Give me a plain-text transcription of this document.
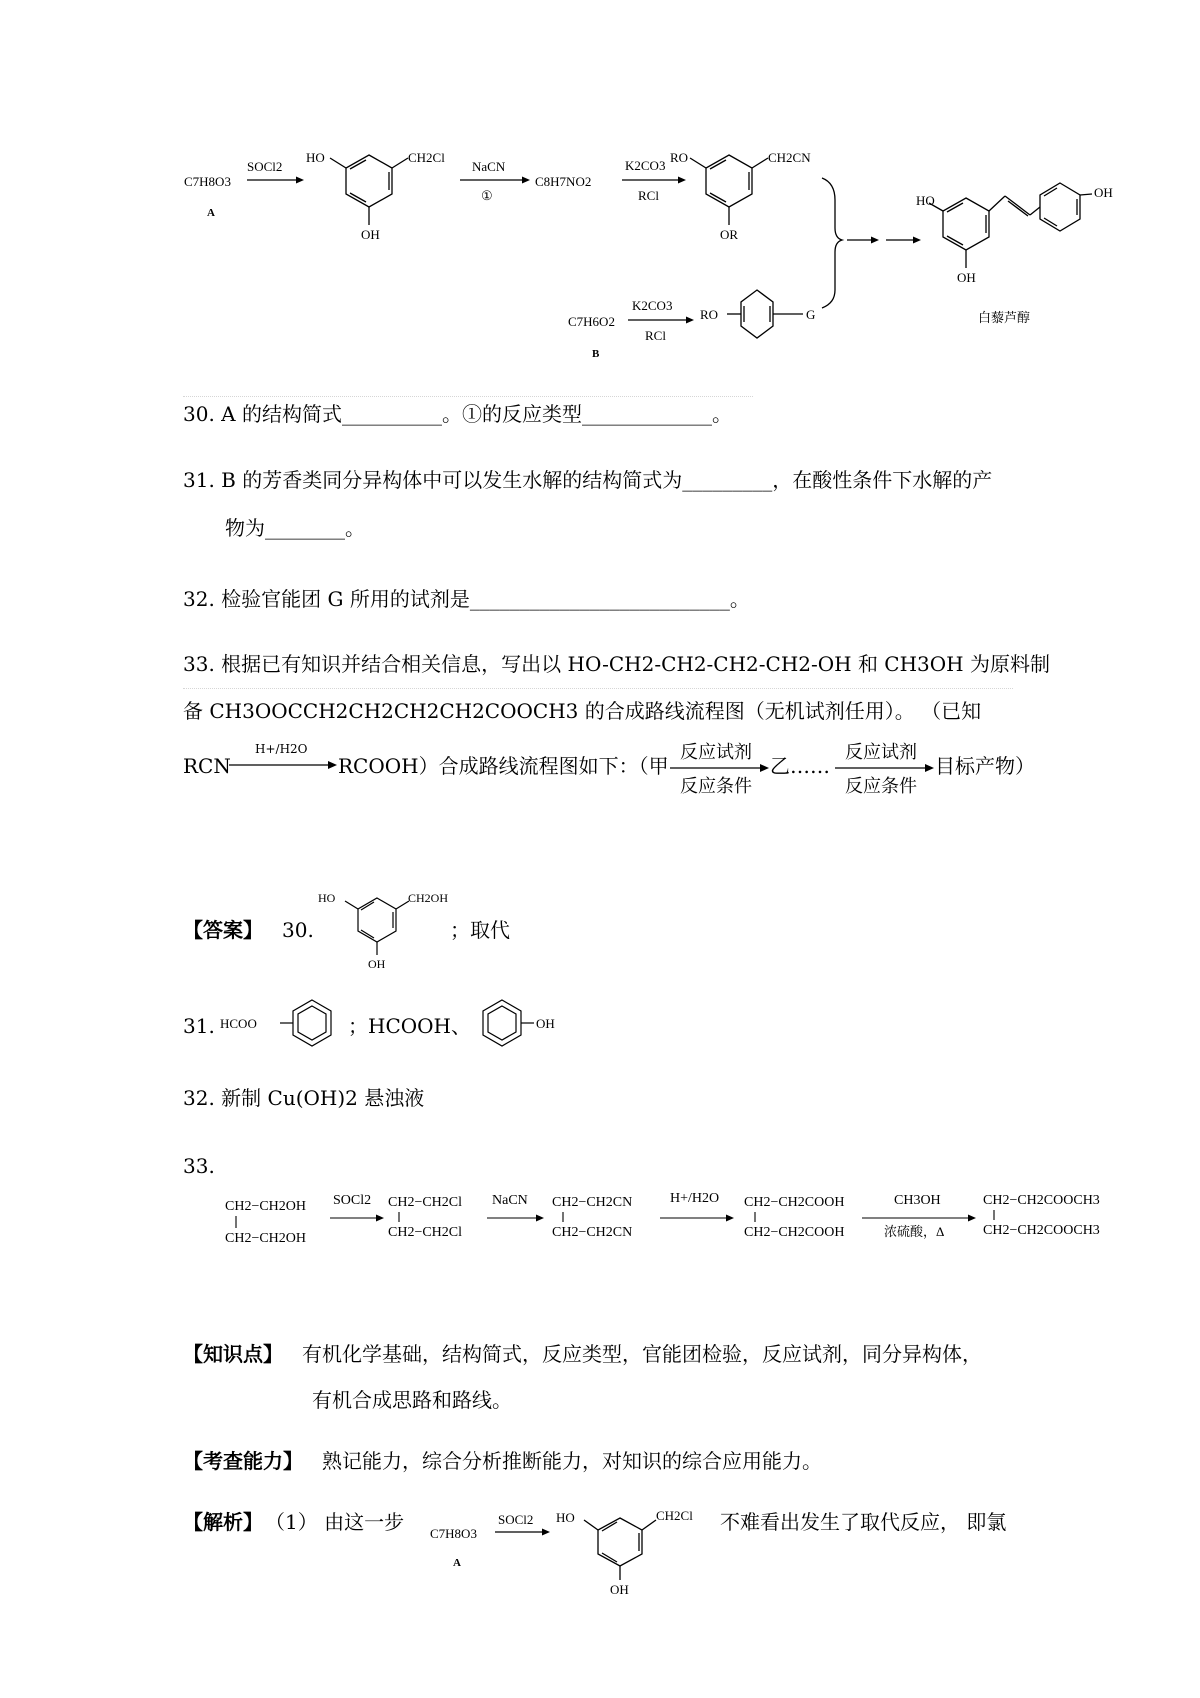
C7H8O3
A
SOCl2
HO	CH2Cl
OH
NaCN
①
C8H7NO2
K2CO3
RCl
RO	CH2CN
OR
C7H6O2
B
K2CO3
RCl
RO	G
HO
OH
OH
白藜芦醇
30. A 的结构简式__________。①的反应类型_____________。
31. B 的芳香类同分异构体中可以发生水解的结构简式为_________，在酸性条件下水解的产
物为________。
32. 检验官能团 G 所用的试剂是__________________________。
33. 根据已有知识并结合相关信息，写出以 HO-CH2-CH2-CH2-CH2-OH 和 CH3OH 为原料制
备 CH3OOCCH2CH2CH2CH2COOCH3 的合成路线流程图（无机试剂任用）。 （已知
RCN
H+/H2O
RCOOH）合成路线流程图如下：（甲
反应试剂
反应条件
乙……
反应试剂
反应条件
目标产物）
【答案】 30.
HO	CH2OH
OH
；取代
31. HCOO	；HCOOH、	OH
32. 新制 Cu(OH)2 悬浊液
33.
CH2−CH2OH
CH2−CH2OH
SOCl2 CH2−CH2Cl
CH2−CH2Cl
NaCN CH2−CH2CN
CH2−CH2CN
H+/H2O CH2−CH2COOH
CH2−CH2COOH
CH3OH
浓硫酸，Δ
CH2−CH2COOCH3
CH2−CH2COOCH3
【知识点】 有机化学基础，结构简式，反应类型，官能团检验，反应试剂，同分异构体，
有机合成思路和路线。
【考查能力】 熟记能力，综合分析推断能力，对知识的综合应用能力。
【解析】 （1） 由这一步 C7H8O3
A
SOCl2 HO	CH2Cl
OH
不难看出发生了取代反应， 即氯
